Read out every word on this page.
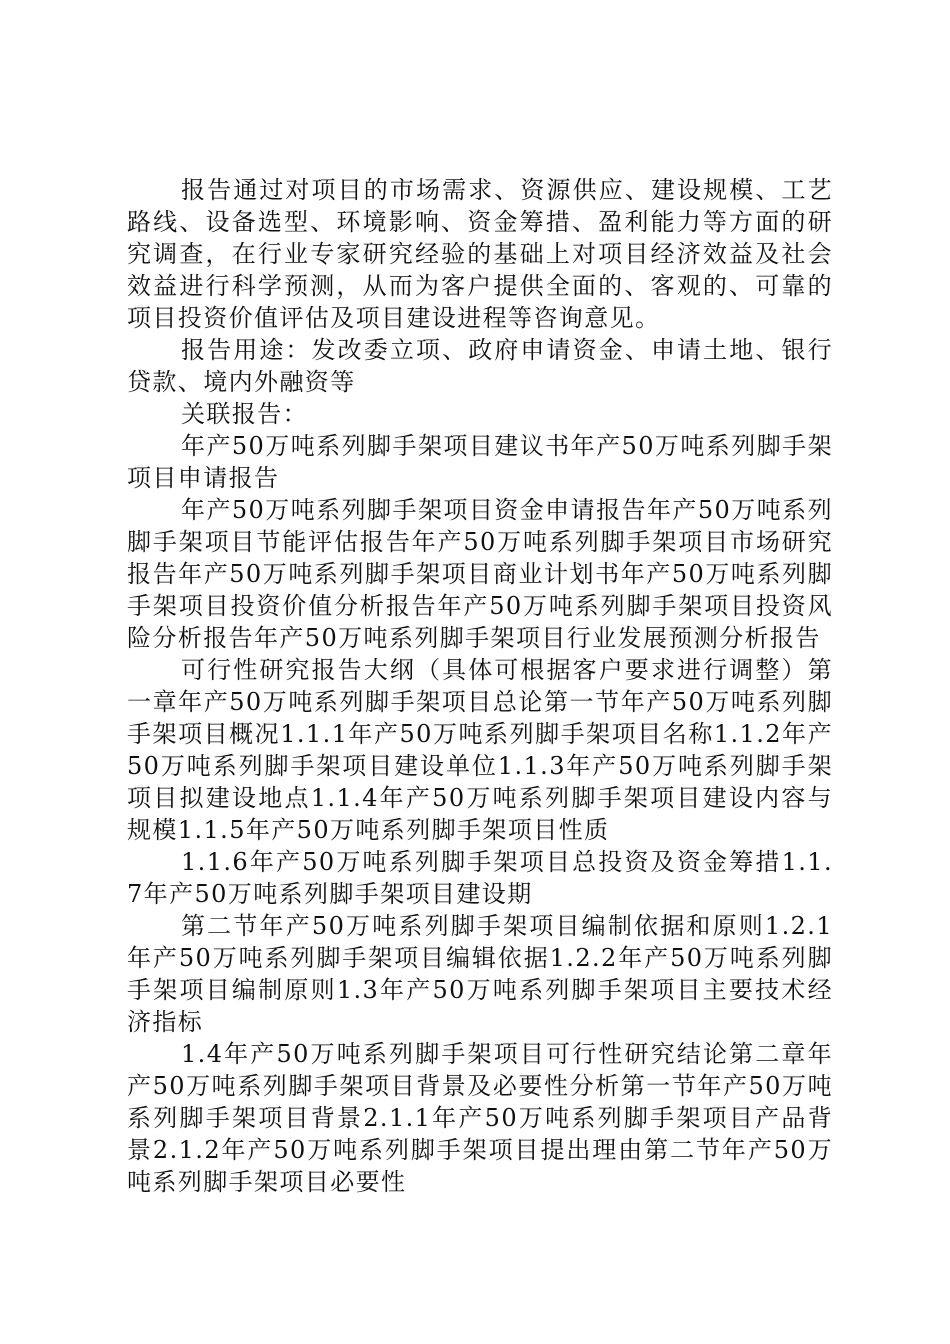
报告通过对项目的市场需求、资源供应、建设规模、工艺路线、设备选型、环境影响、资金筹措、盈利能力等方面的研究调查，在行业专家研究经验的基础上对项目经济效益及社会效益进行科学预测，从而为客户提供全面的、客观的、可靠的项目投资价值评估及项目建设进程等咨询意见。

报告用途：发改委立项、政府申请资金、申请土地、银行贷款、境内外融资等

关联报告：

年产50万吨系列脚手架项目建议书年产50万吨系列脚手架项目申请报告

年产50万吨系列脚手架项目资金申请报告年产50万吨系列脚手架项目节能评估报告年产50万吨系列脚手架项目市场研究报告年产50万吨系列脚手架项目商业计划书年产50万吨系列脚手架项目投资价值分析报告年产50万吨系列脚手架项目投资风险分析报告年产50万吨系列脚手架项目行业发展预测分析报告

可行性研究报告大纲（具体可根据客户要求进行调整）第一章年产50万吨系列脚手架项目总论第一节年产50万吨系列脚手架项目概况1.1.1年产50万吨系列脚手架项目名称1.1.2年产50万吨系列脚手架项目建设单位1.1.3年产50万吨系列脚手架项目拟建设地点1.1.4年产50万吨系列脚手架项目建设内容与规模1.1.5年产50万吨系列脚手架项目性质

1.1.6年产50万吨系列脚手架项目总投资及资金筹措1.1.7年产50万吨系列脚手架项目建设期

第二节年产50万吨系列脚手架项目编制依据和原则1.2.1年产50万吨系列脚手架项目编辑依据1.2.2年产50万吨系列脚手架项目编制原则1.3年产50万吨系列脚手架项目主要技术经济指标

1.4年产50万吨系列脚手架项目可行性研究结论第二章年产50万吨系列脚手架项目背景及必要性分析第一节年产50万吨系列脚手架项目背景2.1.1年产50万吨系列脚手架项目产品背景2.1.2年产50万吨系列脚手架项目提出理由第二节年产50万吨系列脚手架项目必要性
